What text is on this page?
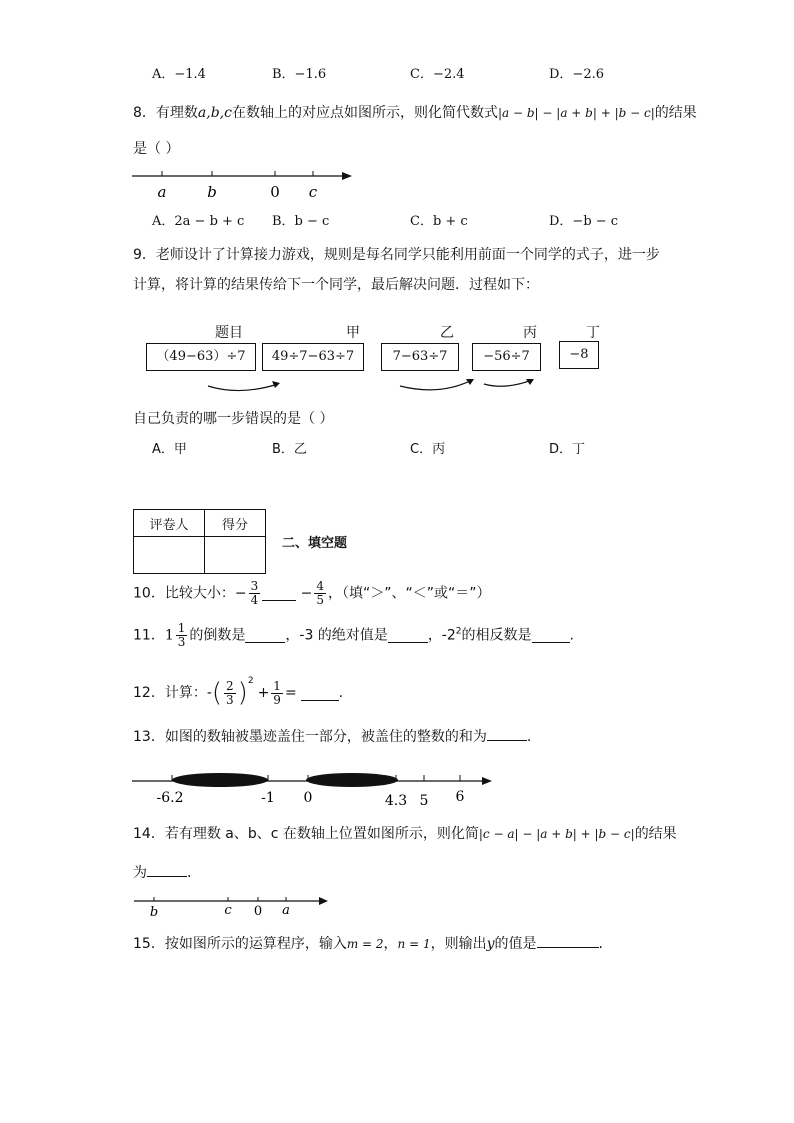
A．−1.4	B．−1.6	C．−2.4	D．−2.6
8．有理数a,b,c在数轴上的对应点如图所示，则化简代数式|a − b| − |a + b| + |b − c|的结果
是（ ）
a	b	0 c
A．2a − b + c B．b − c	C．b + c	D．−b − c
9．老师设计了计算接力游戏，规则是每名同学只能利用前面一个同学的式子，进一步
计算，将计算的结果传给下一个同学，最后解决问题．过程如下：
题目	甲	乙	丙	丁
（49−63）÷7	49÷7−63÷7	7−63÷7	−56÷7	−8
自己负责的哪一步错误的是（ ）
A．甲	B．乙	C．丙	D．丁
评卷人	得分

二、填空题
10．比较大小：− $\frac{3}{4}$	− $\frac{4}{5}$ ，（填“＞”、“＜”或“＝”）
11．$1 \frac{1}{3}$ 的倒数是	，-3 的绝对值是	，$-2^2$的相反数是	.
12．计算：-( $\frac{2}{3} )^2+ \frac{1}{9}$ =	.
13．如图的数轴被墨迹盖住一部分，被盖住的整数的和为	.
-6.2	-1 0	4.3 5 6
14．若有理数 a、b、c 在数轴上位置如图所示，则化简|c − a| − |a + b| + |b − c|的结果
为	.
b	c 0 a
15．按如图所示的运算程序，输入m = 2，n = 1，则输出y的值是	.
